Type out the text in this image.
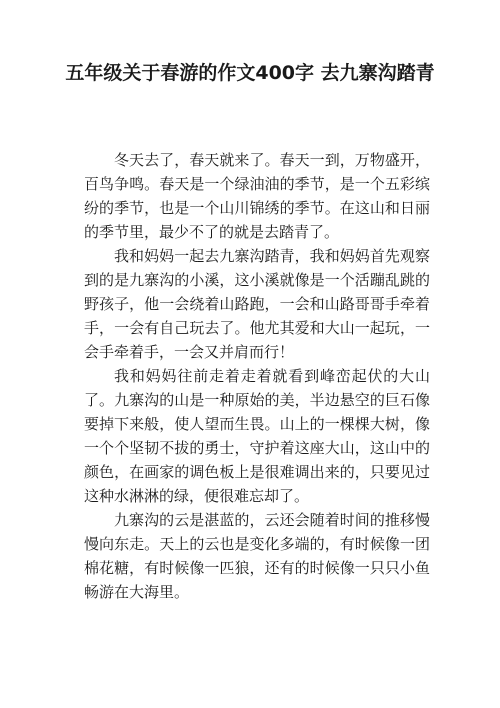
五年级关于春游的作文400字 去九寨沟踏青

冬天去了，春天就来了。春天一到，万物盛开，百鸟争鸣。春天是一个绿油油的季节，是一个五彩缤纷的季节，也是一个山川锦绣的季节。在这山和日丽的季节里，最少不了的就是去踏青了。

我和妈妈一起去九寨沟踏青，我和妈妈首先观察到的是九寨沟的小溪，这小溪就像是一个活蹦乱跳的野孩子，他一会绕着山路跑，一会和山路哥哥手牵着手，一会有自己玩去了。他尤其爱和大山一起玩，一会手牵着手，一会又并肩而行！

我和妈妈往前走着走着就看到峰峦起伏的大山了。九寨沟的山是一种原始的美，半边悬空的巨石像要掉下来般，使人望而生畏。山上的一棵棵大树，像一个个坚韧不拔的勇士，守护着这座大山，这山中的颜色，在画家的调色板上是很难调出来的，只要见过这种水淋淋的绿，便很难忘却了。

九寨沟的云是湛蓝的，云还会随着时间的推移慢慢向东走。天上的云也是变化多端的，有时候像一团棉花糖，有时候像一匹狼，还有的时候像一只只小鱼畅游在大海里。
